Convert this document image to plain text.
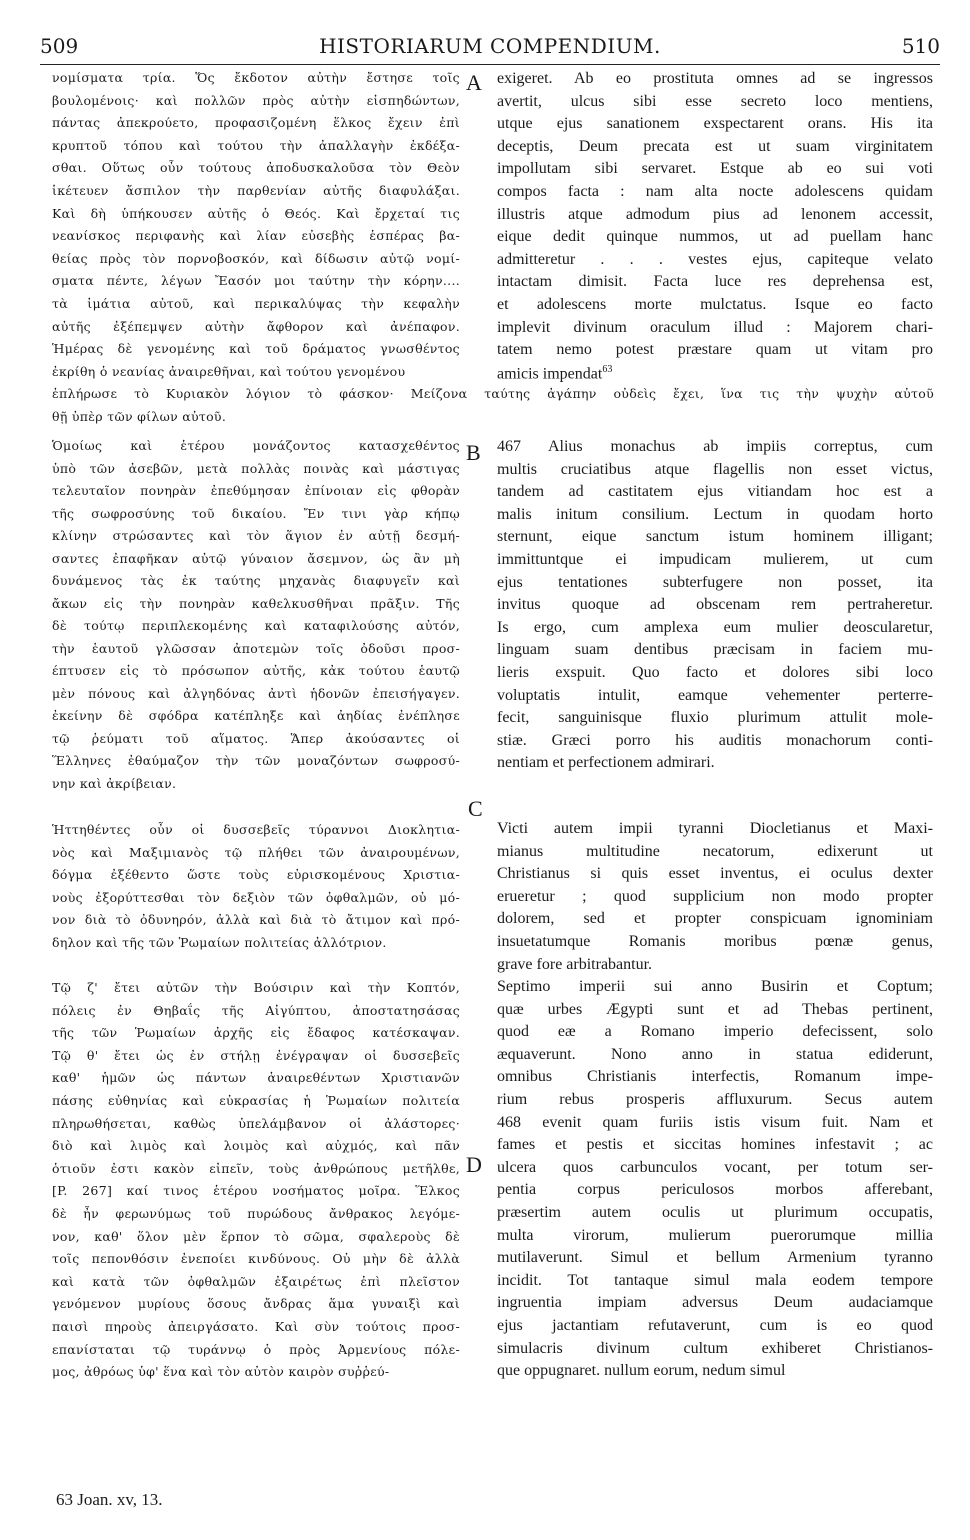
509	HISTORIARUM COMPENDIUM.	510
A
B
C
D
νομίσματα τρία. Ὅς ἔκδοτον αὐτὴν ἔστησε τοῖς
βουλομένοις· καὶ πολλῶν πρὸς αὐτὴν εἰσπηδώντων,
πάντας ἀπεκρούετο, προφασιζομένη ἕλκος ἔχειν ἐπὶ
κρυπτοῦ τόπου καὶ τούτου τὴν ἀπαλλαγὴν ἐκδέξα-
σθαι. Οὕτως οὖν τούτους ἀποδυσκαλοῦσα τὸν Θεὸν
ἱκέτευεν ἄσπιλον τὴν παρθενίαν αὐτῆς διαφυλάξαι.
Καὶ δὴ ὑπήκουσεν αὐτῆς ὁ Θεός. Καὶ ἔρχεταί τις
νεανίσκος περιφανὴς καὶ λίαν εὐσεβὴς ἑσπέρας βα-
θείας πρὸς τὸν πορνοβοσκόν, καὶ δίδωσιν αὐτῷ νομί-
σματα πέντε, λέγων Ἔασόν μοι ταύτην τὴν κόρην....
τὰ ἱμάτια αὐτοῦ, καὶ περικαλύψας τὴν κεφαλὴν
αὐτῆς ἐξέπεμψεν αὐτὴν ἄφθορον καὶ ἀνέπαφον.
Ἡμέρας δὲ γενομένης καὶ τοῦ δράματος γνωσθέντος
ἐκρίθη ὁ νεανίας ἀναιρεθῆναι, καὶ τούτου γενομένου
ἐπλήρωσε τὸ Κυριακὸν λόγιον τὸ φάσκον· Μείζονα ταύτης ἀγάπην οὐδεὶς ἔχει, ἵνα τις τὴν ψυχὴν αὐτοῦ
θῇ ὑπὲρ τῶν φίλων αὐτοῦ.
Ὁμοίως καὶ ἑτέρου μονάζοντος κατασχεθέντος
ὑπὸ τῶν ἀσεβῶν, μετὰ πολλὰς ποινὰς καὶ μάστιγας
τελευταῖον πονηρὰν ἐπεθύμησαν ἐπίνοιαν εἰς φθορὰν
τῆς σωφροσύνης τοῦ δικαίου. Ἔν τινι γὰρ κήπῳ
κλίνην στρώσαντες καὶ τὸν ἅγιον ἐν αὐτῇ δεσμή-
σαντες ἐπαφῆκαν αὐτῷ γύναιον ἄσεμνον, ὡς ἂν μὴ
δυνάμενος τὰς ἐκ ταύτης μηχανὰς διαφυγεῖν καὶ
ἄκων εἰς τὴν πονηρὰν καθελκυσθῆναι πρᾶξιν. Τῆς
δὲ τούτῳ περιπλεκομένης καὶ καταφιλούσης αὐτόν,
τὴν ἑαυτοῦ γλῶσσαν ἀποτεμὼν τοῖς ὀδοῦσι προσ-
έπτυσεν εἰς τὸ πρόσωπον αὐτῆς, κἀκ τούτου ἑαυτῷ
μὲν πόνους καὶ ἀλγηδόνας ἀντὶ ἡδονῶν ἐπεισήγαγεν.
ἐκείνην δὲ σφόδρα κατέπληξε καὶ ἀηδίας ἐνέπλησε
τῷ ῥεύματι τοῦ αἵματος. Ἅπερ ἀκούσαντες οἱ
Ἕλληνες ἐθαύμαζον τὴν τῶν μοναζόντων σωφροσύ-
νην καὶ ἀκρίβειαν.
Ἡττηθέντες οὖν οἱ δυσσεβεῖς τύραννοι Διοκλητια-
νὸς καὶ Μαξιμιανὸς τῷ πλήθει τῶν ἀναιρουμένων,
δόγμα ἐξέθεντο ὥστε τοὺς εὑρισκομένους Χριστια-
νοὺς ἐξορύττεσθαι τὸν δεξιὸν τῶν ὀφθαλμῶν, οὐ μό-
νον διὰ τὸ ὀδυνηρόν, ἀλλὰ καὶ διὰ τὸ ἄτιμον καὶ πρό-
δηλον καὶ τῆς τῶν Ῥωμαίων πολιτείας ἀλλότριον.
Τῷ ζ' ἔτει αὐτῶν τὴν Βούσιριν καὶ τὴν Κοπτόν,
πόλεις ἐν Θηβαΐς τῆς Αἰγύπτου, ἀποστατησάσας
τῆς τῶν Ῥωμαίων ἀρχῆς εἰς ἔδαφος κατέσκαψαν.
Τῷ θ' ἔτει ὡς ἐν στήλῃ ἐνέγραψαν οἱ δυσσεβεῖς
καθ' ἡμῶν ὡς πάντων ἀναιρεθέντων Χριστιανῶν
πάσης εὐθηνίας καὶ εὐκρασίας ἡ Ῥωμαίων πολιτεία
πληρωθήσεται, καθὼς ὑπελάμβανον οἱ ἀλάστορες·
διὸ καὶ λιμὸς καὶ λοιμὸς καὶ αὐχμός, καὶ πᾶν
ὁτιοῦν ἐστι κακὸν εἰπεῖν, τοὺς ἀνθρώπους μετῆλθε,
[P. 267] καί τινος ἑτέρου νοσήματος μοῖρα. Ἕλκος
δὲ ἦν φερωνύμως τοῦ πυρώδους ἄνθρακος λεγόμε-
νον, καθ' ὅλον μὲν ἕρπον τὸ σῶμα, σφαλεροὺς δὲ
τοῖς πεπονθόσιν ἐνεποίει κινδύνους. Οὐ μὴν δὲ ἀλλὰ
καὶ κατὰ τῶν ὀφθαλμῶν ἐξαιρέτως ἐπὶ πλεῖστον
γενόμενον μυρίους ὅσους ἄνδρας ἅμα γυναιξὶ καὶ
παισὶ πηροὺς ἀπειργάσατο. Καὶ σὺν τούτοις προσ-
επανίσταται τῷ τυράννῳ ὁ πρὸς Ἀρμενίους πόλε-
μος, ἀθρόως ὑφ' ἕνα καὶ τὸν αὐτὸν καιρὸν συῤῥεύ-
exigeret. Ab eo prostituta omnes ad se ingressos
avertit, ulcus sibi esse secreto loco mentiens,
utque ejus sanationem exspectarent orans. His ita
deceptis, Deum precata est ut suam virginitatem
impollutam sibi servaret. Estque ab eo sui voti
compos facta : nam alta nocte adolescens quidam
illustris atque admodum pius ad lenonem accessit,
eique dedit quinque nummos, ut ad puellam hanc
admitteretur . . . vestes ejus, capiteque velato
intactam dimisit. Facta luce res deprehensa est,
et adolescens morte mulctatus. Isque eo facto
implevit divinum oraculum illud : Majorem chari-
tatem nemo potest præstare quam ut vitam pro
amicis impendat$^{63}$
467 Alius monachus ab impiis correptus, cum
multis cruciatibus atque flagellis non esset victus,
tandem ad castitatem ejus vitiandam hoc est a
malis initum consilium. Lectum in quodam horto
sternunt, eique sanctum istum hominem illigant;
immittuntque ei impudicam mulierem, ut cum
ejus tentationes subterfugere non posset, ita
invitus quoque ad obscenam rem pertraheretur.
Is ergo, cum amplexa eum mulier deoscularetur,
linguam suam dentibus præcisam in faciem mu-
lieris exspuit. Quo facto et dolores sibi loco
voluptatis intulit, eamque vehementer perterre-
fecit, sanguinisque fluxio plurimum attulit mole-
stiæ. Græci porro his auditis monachorum conti-
nentiam et perfectionem admirari.
Victi autem impii tyranni Diocletianus et Maxi-
mianus multitudine necatorum, edixerunt ut
Christianus si quis esset inventus, ei oculus dexter
erueretur ; quod supplicium non modo propter
dolorem, sed et propter conspicuam ignominiam
insuetatumque Romanis moribus pœnæ genus,
grave fore arbitrabantur.
Septimo imperii sui anno Busirin et Coptum;
quæ urbes Ægypti sunt et ad Thebas pertinent,
quod eæ a Romano imperio defecissent, solo
æquaverunt. Nono anno in statua ediderunt,
omnibus Christianis interfectis, Romanum impe-
rium rebus prosperis affluxurum. Secus autem
468 evenit quam furiis istis visum fuit. Nam et
fames et pestis et siccitas homines infestavit ; ac
ulcera quos carbunculos vocant, per totum ser-
pentia corpus periculosos morbos afferebant,
præsertim autem oculis ut plurimum occupatis,
multa virorum, mulierum puerorumque millia
mutilaverunt. Simul et bellum Armenium tyranno
incidit. Tot tantaque simul mala eodem tempore
ingruentia impiam adversus Deum audaciamque
ejus jactantiam refutaverunt, cum is eo quod
simulacris divinum cultum exhiberet Christianos-
que oppugnaret. nullum eorum, nedum simul
63 Joan. xv, 13.
